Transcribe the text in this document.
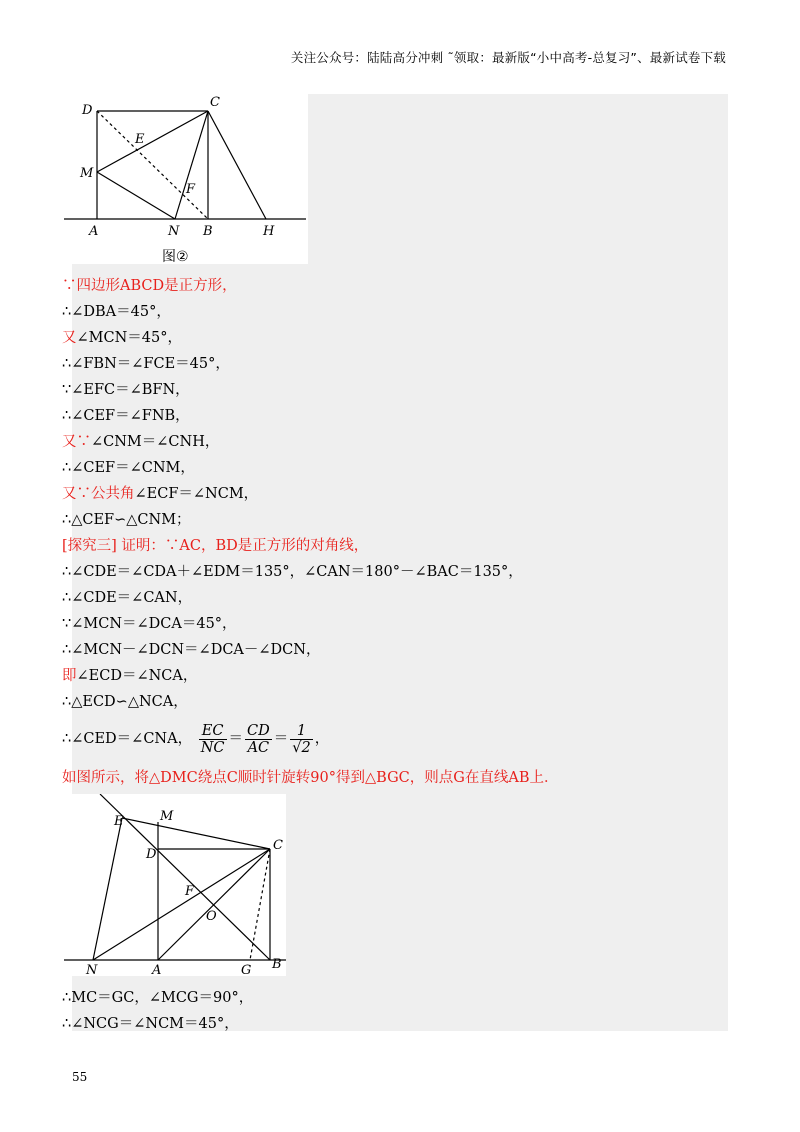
关注公众号：陆陆高分冲刺 ˜领取：最新版“小中高考-总复习”、最新试卷下载
D
C
E
M
F
A	N B	H
图②
∵四边形ABCD是正方形，
∴∠DBA＝45°，
又∠MCN＝45°，
∴∠FBN＝∠FCE＝45°，
∵∠EFC＝∠BFN，
∴∠CEF＝∠FNB，
又∵∠CNM＝∠CNH，
∴∠CEF＝∠CNM，
又∵公共角∠ECF＝∠NCM，
∴△CEF∽△CNM；
[探究三] 证明：∵AC，BD是正方形的对角线，
∴∠CDE＝∠CDA＋∠EDM＝135°，∠CAN＝180°－∠BAC＝135°，
∴∠CDE＝∠CAN，
∵∠MCN＝∠DCA＝45°，
∴∠MCN－∠DCN＝∠DCA－∠DCN，
即∠ECD＝∠NCA，
∴△ECD∽△NCA，
∴∠CED＝∠CNA， $\frac{EC}{NC} = \frac{CD}{AC} = \frac{1}{√2}$ ，
如图所示，将△DMC绕点C顺时针旋转90°得到△BGC，则点G在直线AB上．
E	M
D
C
F
O
N	A	G B
∴MC＝GC，∠MCG＝90°，
∴∠NCG＝∠NCM＝45°，
55
